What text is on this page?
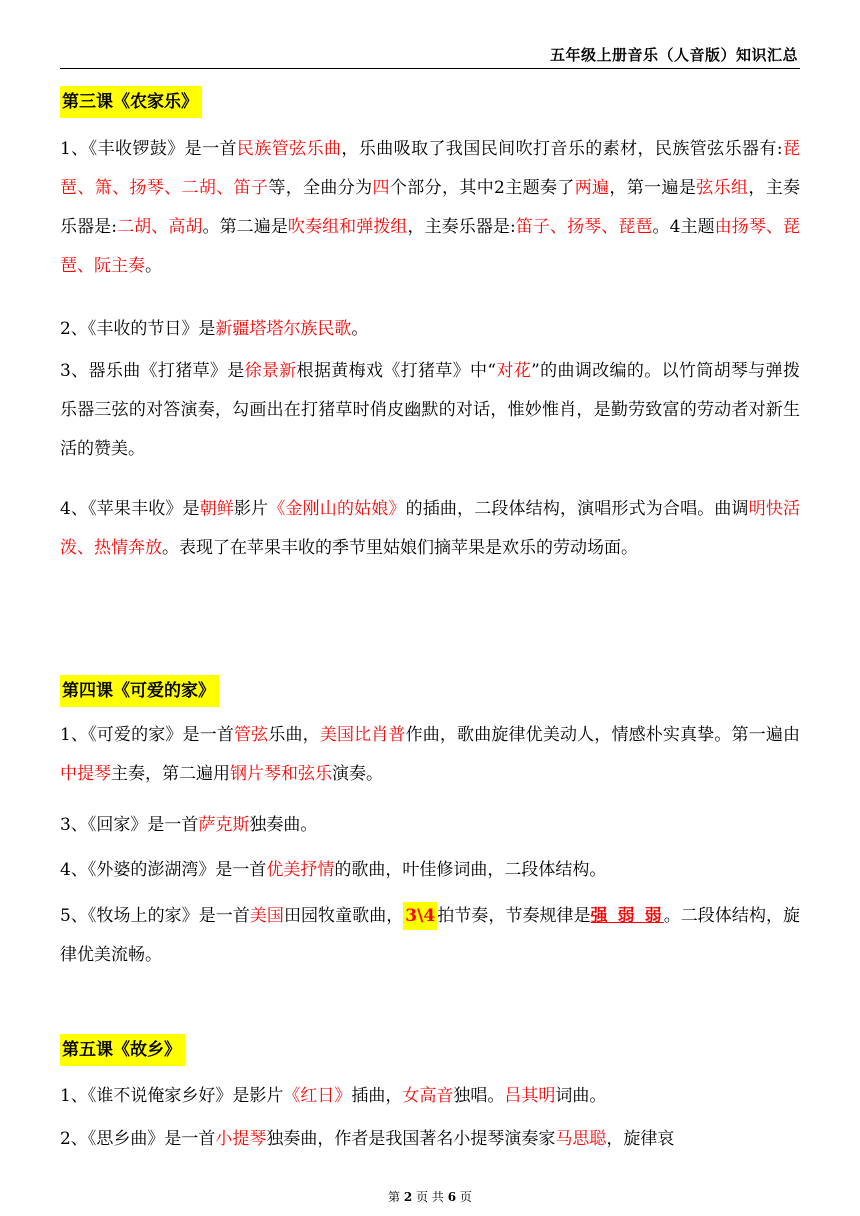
五年级上册音乐（人音版）知识汇总
第三课《农家乐》

1、《丰收锣鼓》是一首民族管弦乐曲，乐曲吸取了我国民间吹打音乐的素材，民族管弦乐器有:琵琶、箫、扬琴、二胡、笛子等，全曲分为四个部分，其中2主题奏了两遍，第一遍是弦乐组，主奏乐器是:二胡、高胡。第二遍是吹奏组和弹拨组，主奏乐器是:笛子、扬琴、琵琶。4主题由扬琴、琵琶、阮主奏。

2、《丰收的节日》是新疆塔塔尔族民歌。

3、器乐曲《打猪草》是徐景新根据黄梅戏《打猪草》中“对花”的曲调改编的。以竹筒胡琴与弹拨乐器三弦的对答演奏，勾画出在打猪草时俏皮幽默的对话，惟妙惟肖，是勤劳致富的劳动者对新生活的赞美。

4、《苹果丰收》是朝鲜影片《金刚山的姑娘》的插曲，二段体结构，演唱形式为合唱。曲调明快活泼、热情奔放。表现了在苹果丰收的季节里姑娘们摘苹果是欢乐的劳动场面。

第四课《可爱的家》

1、《可爱的家》是一首管弦乐曲，美国比肖普作曲，歌曲旋律优美动人，情感朴实真挚。第一遍由中提琴主奏，第二遍用钢片琴和弦乐演奏。

3、《回家》是一首萨克斯独奏曲。

4、《外婆的澎湖湾》是一首优美抒情的歌曲，叶佳修词曲，二段体结构。

5、《牧场上的家》是一首美国田园牧童歌曲， 3\4 拍节奏，节奏规律是强 弱 弱。二段体结构，旋律优美流畅。

第五课《故乡》

1、《谁不说俺家乡好》是影片《红日》插曲，女高音独唱。吕其明词曲。

2、《思乡曲》是一首小提琴独奏曲，作者是我国著名小提琴演奏家马思聪，旋律哀

第 2 页 共 6 页
